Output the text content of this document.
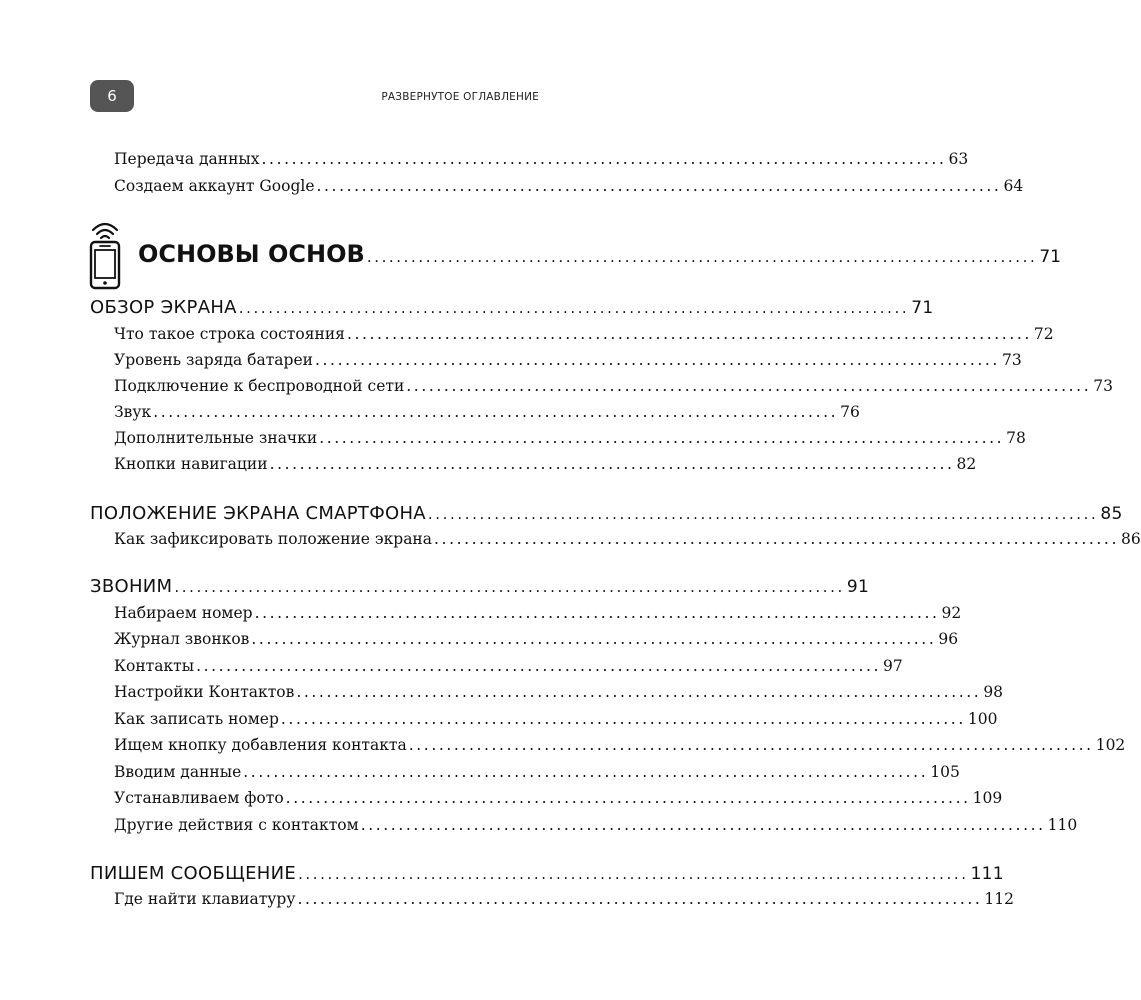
6	РАЗВЕРНУТОЕ ОГЛАВЛЕНИЕ
ОСНОВЫ ОСНОВ ........................................................................................... 71
Передача данных ........................................................................................... 63
Создаем аккаунт Google ........................................................................................... 64
ОБЗОР ЭКРАНА ........................................................................................... 71
Что такое строка состояния ........................................................................................... 72
Уровень заряда батареи ........................................................................................... 73
Подключение к беспроводной сети ........................................................................................... 73
Звук ........................................................................................... 76
Дополнительные значки ........................................................................................... 78
Кнопки навигации ........................................................................................... 82
ПОЛОЖЕНИЕ ЭКРАНА СМАРТФОНА ........................................................................................... 85
Как зафиксировать положение экрана ........................................................................................... 86
ЗВОНИМ ........................................................................................... 91
Набираем номер ........................................................................................... 92
Журнал звонков ........................................................................................... 96
Контакты ........................................................................................... 97
Настройки Контактов ........................................................................................... 98
Как записать номер ........................................................................................... 100
Ищем кнопку добавления контакта ........................................................................................... 102
Вводим данные ........................................................................................... 105
Устанавливаем фото ........................................................................................... 109
Другие действия с контактом ........................................................................................... 110
ПИШЕМ СООБЩЕНИЕ ........................................................................................... 111
Где найти клавиатуру ........................................................................................... 112
